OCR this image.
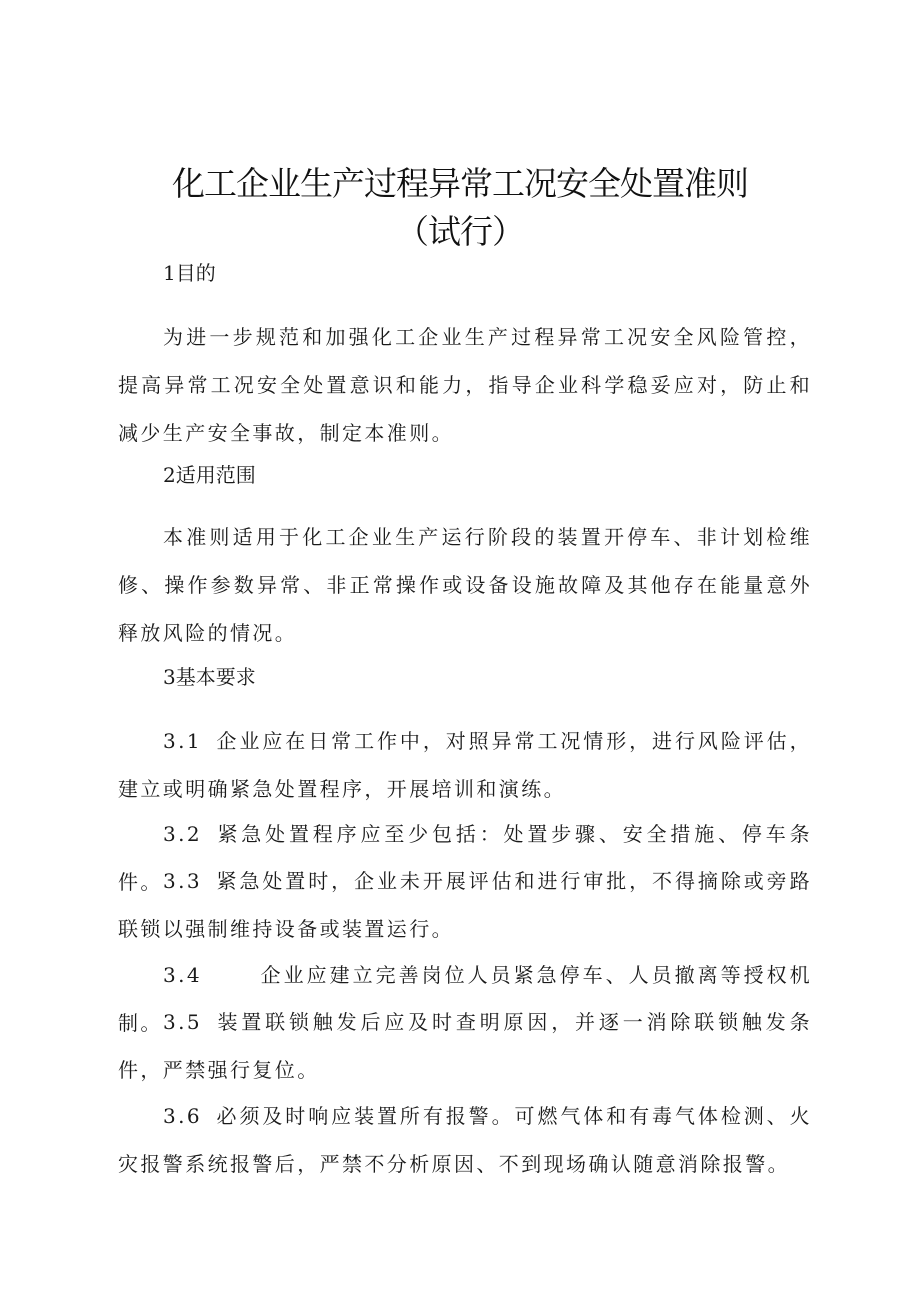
化工企业生产过程异常工况安全处置准则
（试行）
1目的
为进一步规范和加强化工企业生产过程异常工况安全风险管控，提高异常工况安全处置意识和能力，指导企业科学稳妥应对，防止和减少生产安全事故，制定本准则。
2适用范围
本准则适用于化工企业生产运行阶段的装置开停车、非计划检维修、操作参数异常、非正常操作或设备设施故障及其他存在能量意外释放风险的情况。
3基本要求
3.1 企业应在日常工作中，对照异常工况情形，进行风险评估，建立或明确紧急处置程序，开展培训和演练。
3.2 紧急处置程序应至少包括：处置步骤、安全措施、停车条件。 3.3 紧急处置时，企业未开展评估和进行审批，不得摘除或旁路联锁以强制维持设备或装置运行。
3.4	企业应建立完善岗位人员紧急停车、人员撤离等授权机制。 3.5 装置联锁触发后应及时查明原因，并逐一消除联锁触发条件，严禁强行复位。
3.6 必须及时响应装置所有报警。可燃气体和有毒气体检测、火灾报警系统报警后，严禁不分析原因、不到现场确认随意消除报警。
